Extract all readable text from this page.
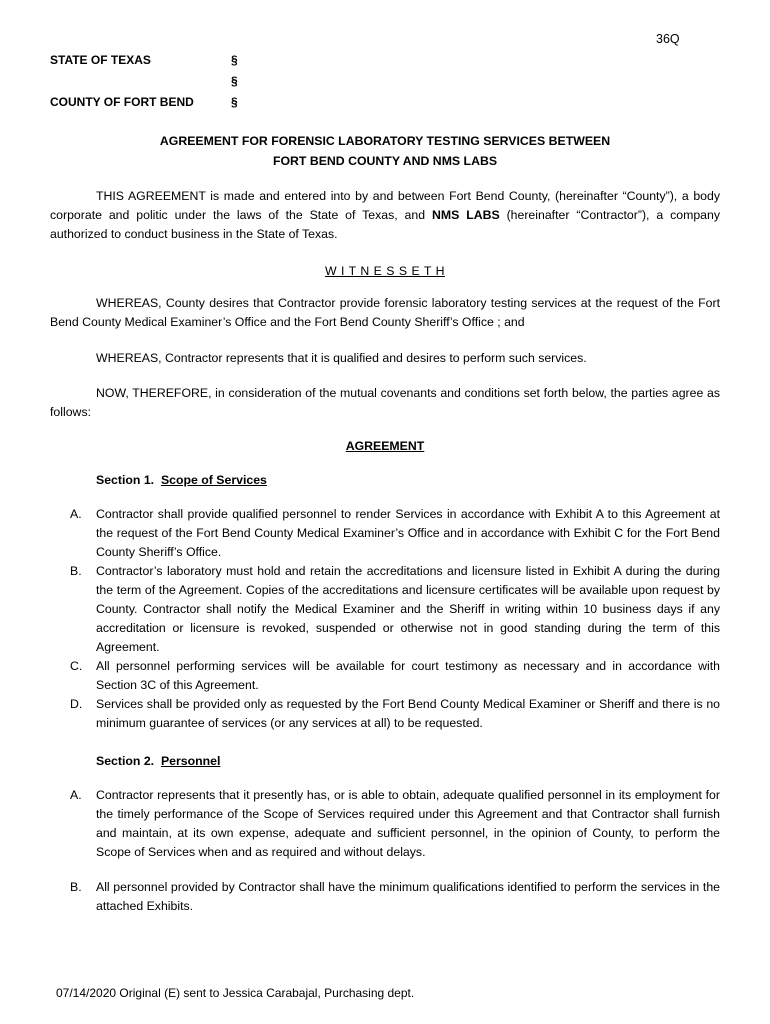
36Q
STATE OF TEXAS	§
§
COUNTY OF FORT BEND	§
AGREEMENT FOR FORENSIC LABORATORY TESTING SERVICES BETWEEN
FORT BEND COUNTY AND NMS LABS
THIS AGREEMENT is made and entered into by and between Fort Bend County, (hereinafter “County”), a body corporate and politic under the laws of the State of Texas, and NMS LABS (hereinafter “Contractor”), a company authorized to conduct business in the State of Texas.
W I T N E S S E T H
WHEREAS, County desires that Contractor provide forensic laboratory testing services at the request of the Fort Bend County Medical Examiner’s Office and the Fort Bend County Sheriff’s Office ; and
WHEREAS, Contractor represents that it is qualified and desires to perform such services.
NOW, THEREFORE, in consideration of the mutual covenants and conditions set forth below, the parties agree as follows:
AGREEMENT
Section 1. Scope of Services
A.	Contractor shall provide qualified personnel to render Services in accordance with Exhibit A to this Agreement at the request of the Fort Bend County Medical Examiner’s Office and in accordance with Exhibit C for the Fort Bend County Sheriff’s Office.
B.	Contractor’s laboratory must hold and retain the accreditations and licensure listed in Exhibit A during the during the term of the Agreement. Copies of the accreditations and licensure certificates will be available upon request by County. Contractor shall notify the Medical Examiner and the Sheriff in writing within 10 business days if any accreditation or licensure is revoked, suspended or otherwise not in good standing during the term of this Agreement.
C.	All personnel performing services will be available for court testimony as necessary and in accordance with Section 3C of this Agreement.
D.	Services shall be provided only as requested by the Fort Bend County Medical Examiner or Sheriff and there is no minimum guarantee of services (or any services at all) to be requested.
Section 2. Personnel
A.	Contractor represents that it presently has, or is able to obtain, adequate qualified personnel in its employment for the timely performance of the Scope of Services required under this Agreement and that Contractor shall furnish and maintain, at its own expense, adequate and sufficient personnel, in the opinion of County, to perform the Scope of Services when and as required and without delays.
B.	All personnel provided by Contractor shall have the minimum qualifications identified to perform the services in the attached Exhibits.
07/14/2020 Original (E) sent to Jessica Carabajal, Purchasing dept.
